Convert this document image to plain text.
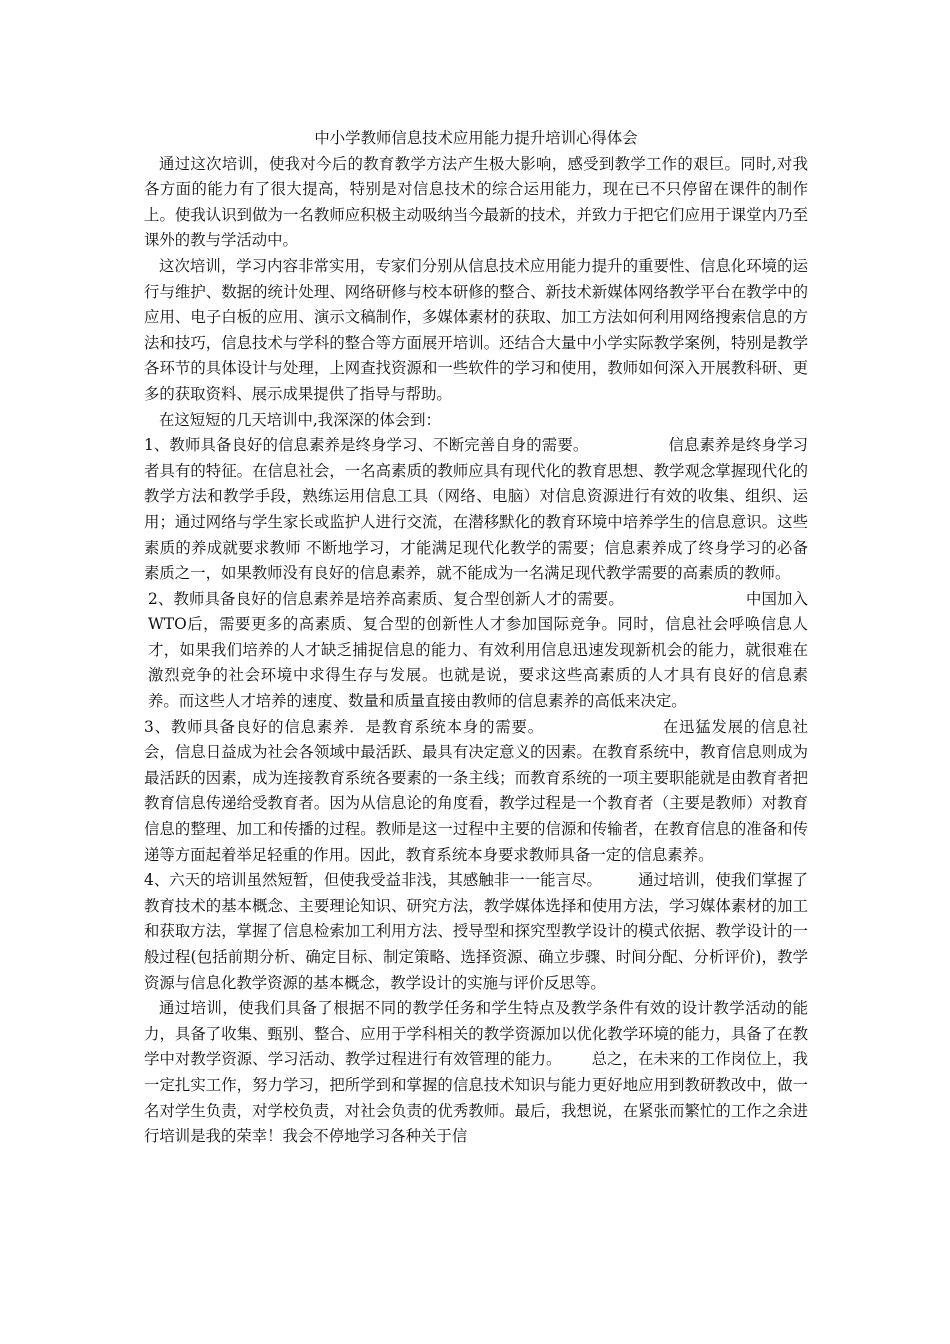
中小学教师信息技术应用能力提升培训心得体会

通过这次培训，使我对今后的教育教学方法产生极大影响，感受到教学工作的艰巨。同时,对我各方面的能力有了很大提高，特别是对信息技术的综合运用能力，现在已不只停留在课件的制作上。使我认识到做为一名教师应积极主动吸纳当今最新的技术，并致力于把它们应用于课堂内乃至课外的教与学活动中。

这次培训，学习内容非常实用，专家们分别从信息技术应用能力提升的重要性、信息化环境的运行与维护、数据的统计处理、网络研修与校本研修的整合、新技术新媒体网络教学平台在教学中的应用、电子白板的应用、演示文稿制作，多媒体素材的获取、加工方法如何利用网络搜索信息的方法和技巧，信息技术与学科的整合等方面展开培训。还结合大量中小学实际教学案例，特别是教学各环节的具体设计与处理，上网查找资源和一些软件的学习和使用，教师如何深入开展教科研、更多的获取资料、展示成果提供了指导与帮助。

在这短短的几天培训中,我深深的体会到：

1、教师具备良好的信息素养是终身学习、不断完善自身的需要。	信息素养是终身学习者具有的特征。在信息社会，一名高素质的教师应具有现代化的教育思想、教学观念掌握现代化的教学方法和教学手段，熟练运用信息工具（网络、电脑）对信息资源进行有效的收集、组织、运用；通过网络与学生家长或监护人进行交流，在潜移默化的教育环境中培养学生的信息意识。这些素质的养成就要求教师 不断地学习，才能满足现代化教学的需要；信息素养成了终身学习的必备素质之一，如果教师没有良好的信息素养，就不能成为一名满足现代教学需要的高素质的教师。

2、教师具备良好的信息素养是培养高素质、复合型创新人才的需要。	中国加入WTO后，需要更多的高素质、复合型的创新性人才参加国际竞争。同时，信息社会呼唤信息人才，如果我们培养的人才缺乏捕捉信息的能力、有效利用信息迅速发现新机会的能力，就很难在激烈竞争的社会环境中求得生存与发展。也就是说，要求这些高素质的人才具有良好的信息素养。而这些人才培养的速度、数量和质量直接由教师的信息素养的高低来决定。

3、教师具备良好的信息素养．是教育系统本身的需要。	在迅猛发展的信息社会，信息日益成为社会各领域中最活跃、最具有决定意义的因素。在教育系统中，教育信息则成为最活跃的因素，成为连接教育系统各要素的一条主线；而教育系统的一项主要职能就是由教育者把教育信息传递给受教育者。因为从信息论的角度看，教学过程是一个教育者（主要是教师）对教育信息的整理、加工和传播的过程。教师是这一过程中主要的信源和传输者，在教育信息的准备和传递等方面起着举足轻重的作用。因此，教育系统本身要求教师具备一定的信息素养。

4、六天的培训虽然短暂，但使我受益非浅，其感触非一一能言尽。 通过培训，使我们掌握了教育技术的基本概念、主要理论知识、研究方法，教学媒体选择和使用方法，学习媒体素材的加工和获取方法，掌握了信息检索加工利用方法、授导型和探究型教学设计的模式依据、教学设计的一般过程(包括前期分析、确定目标、制定策略、选择资源、确立步骤、时间分配、分析评价)，教学资源与信息化教学资源的基本概念，教学设计的实施与评价反思等。

通过培训，使我们具备了根据不同的教学任务和学生特点及教学条件有效的设计教学活动的能力，具备了收集、甄别、整合、应用于学科相关的教学资源加以优化教学环境的能力，具备了在教学中对教学资源、学习活动、教学过程进行有效管理的能力。 总之，在未来的工作岗位上，我一定扎实工作，努力学习，把所学到和掌握的信息技术知识与能力更好地应用到教研教改中，做一名对学生负责，对学校负责，对社会负责的优秀教师。最后，我想说，在紧张而繁忙的工作之余进行培训是我的荣幸！我会不停地学习各种关于信
